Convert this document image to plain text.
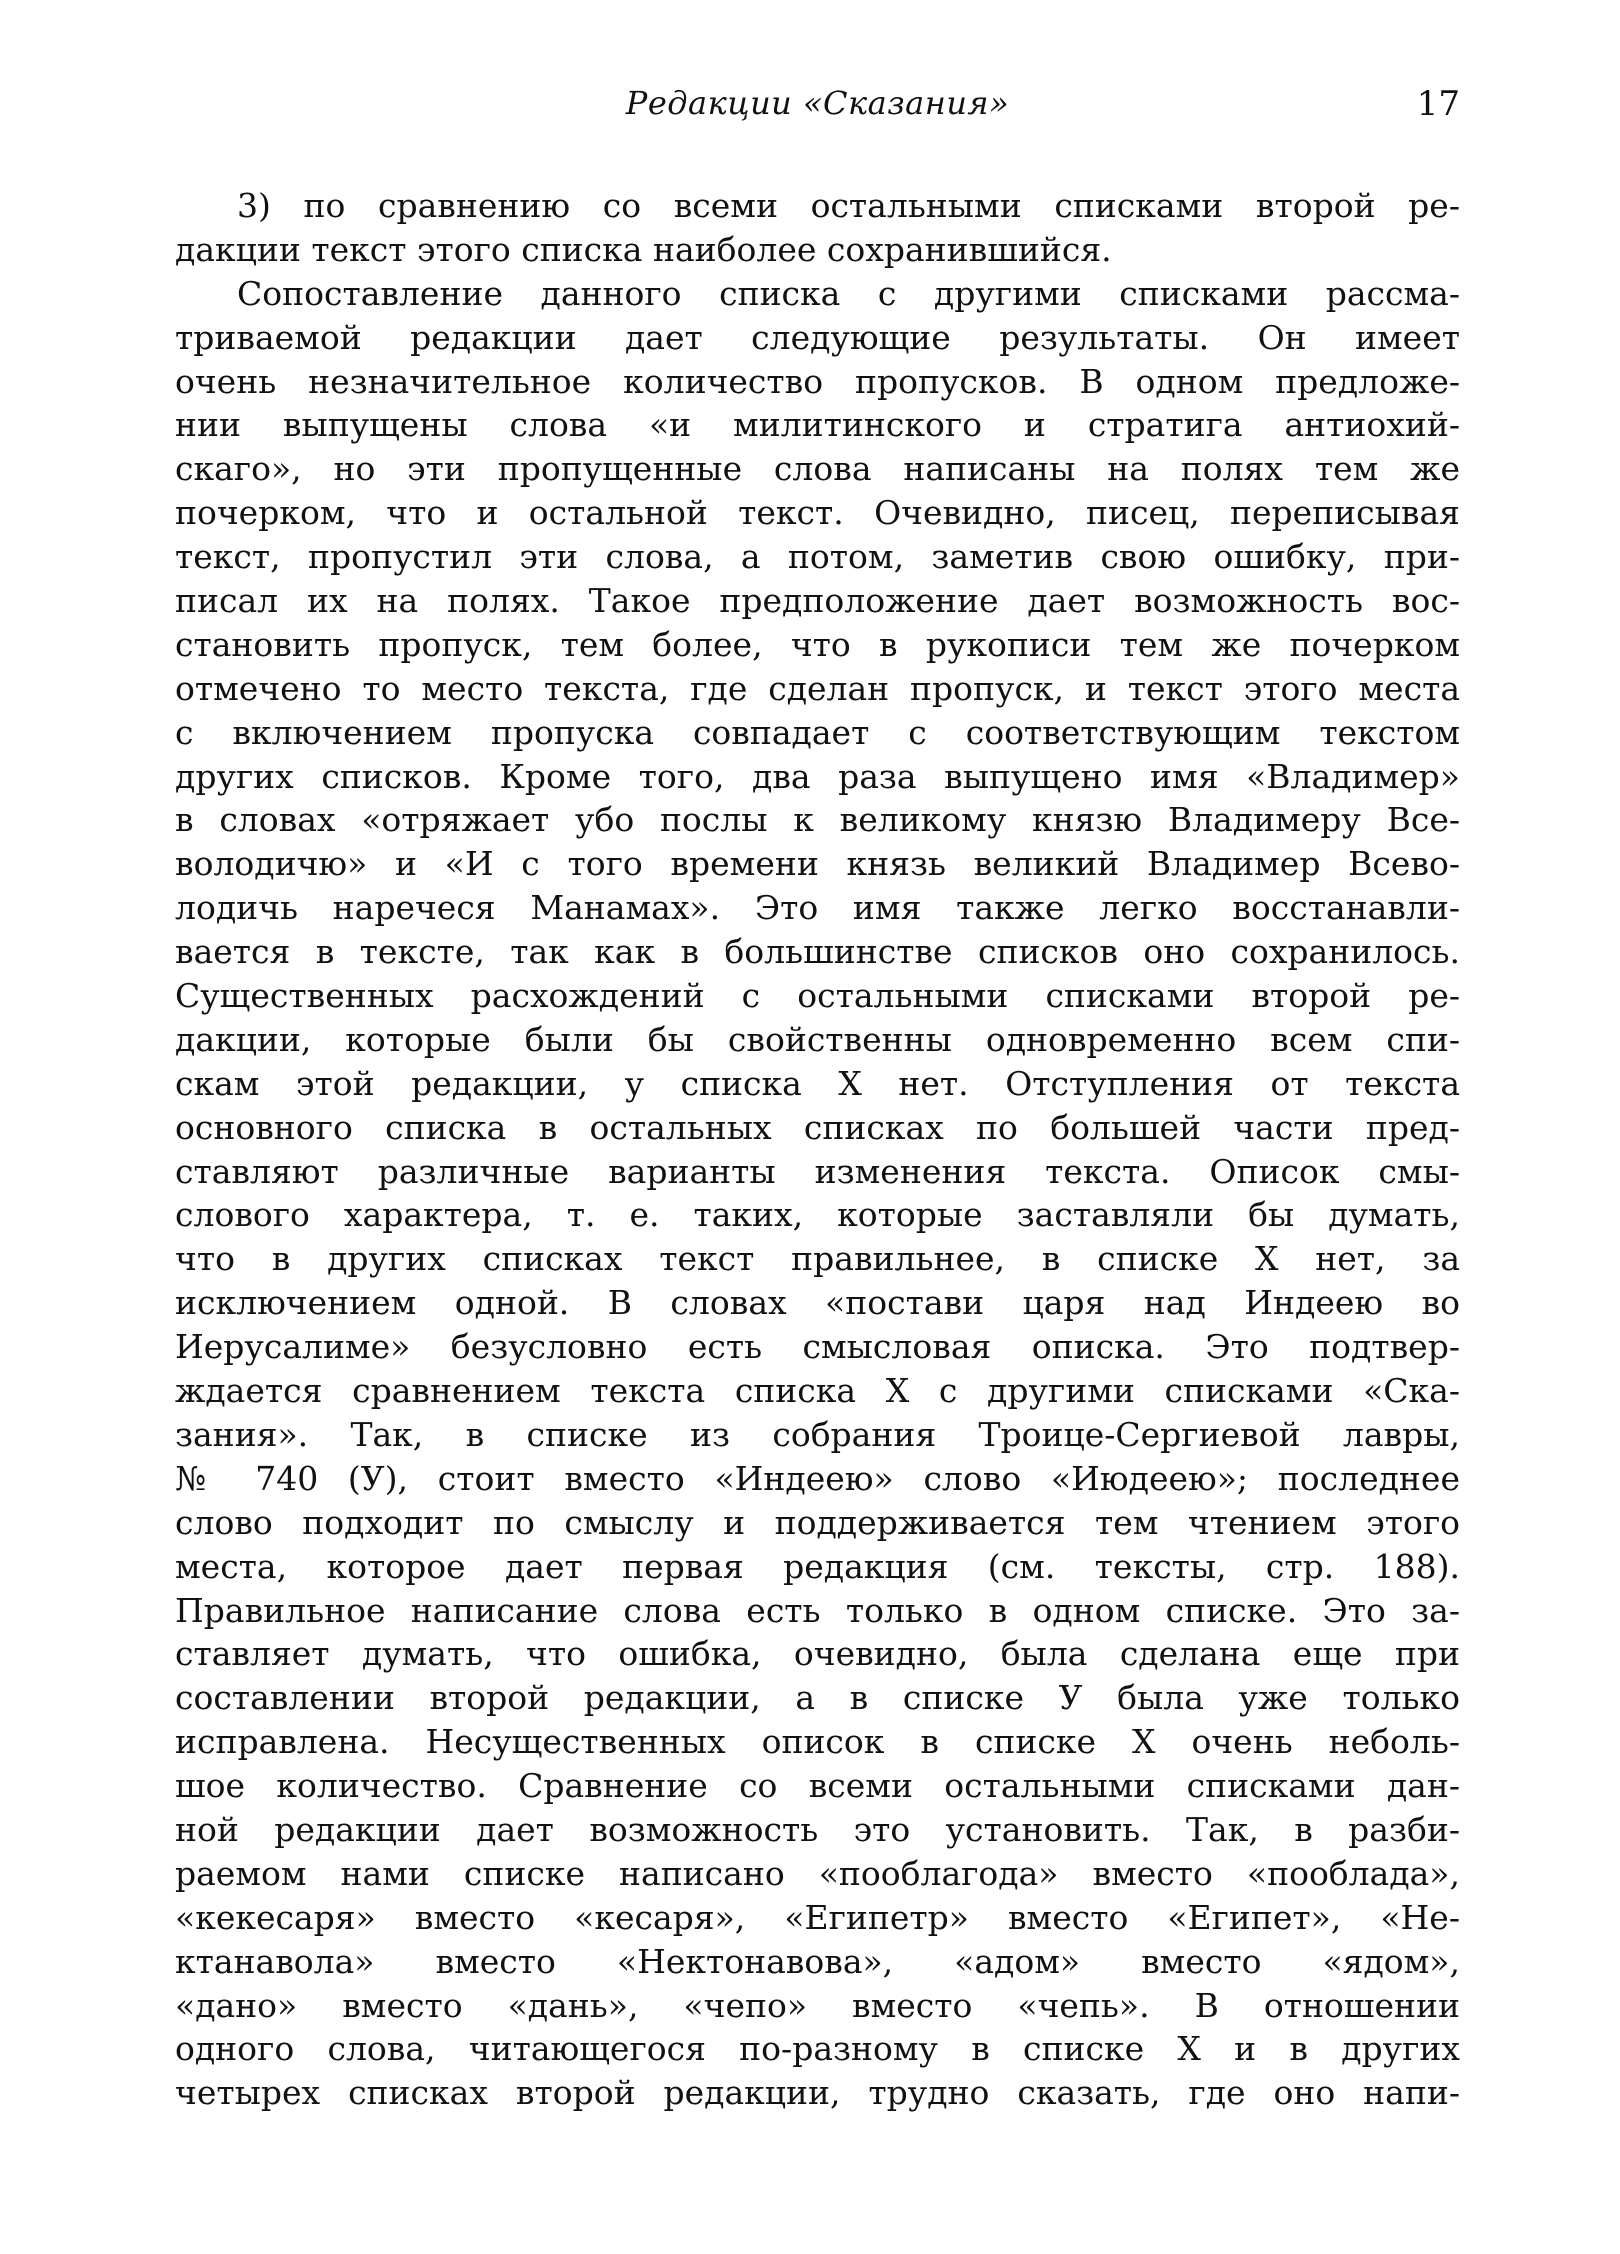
Редакции «Сказания»	17
3) по сравнению со всеми остальными списками второй ре-
дакции текст этого списка наиболее сохранившийся.
Сопоставление данного списка с другими списками рассма-
триваемой редакции дает следующие результаты. Он имеет
очень незначительное количество пропусков. В одном предложе-
нии выпущены слова «и милитинского и стратига антиохий-
скаго», но эти пропущенные слова написаны на полях тем же
почерком, что и остальной текст. Очевидно, писец, переписывая
текст, пропустил эти слова, а потом, заметив свою ошибку, при-
писал их на полях. Такое предположение дает возможность вос-
становить пропуск, тем более, что в рукописи тем же почерком
отмечено то место текста, где сделан пропуск, и текст этого места
с включением пропуска совпадает с соответствующим текстом
других списков. Кроме того, два раза выпущено имя «Владимер»
в словах «отряжает убо послы к великому князю Владимеру Все-
володичю» и «И с того времени князь великий Владимер Всево-
лодичь наречеся Манамах». Это имя также легко восстанавли-
вается в тексте, так как в большинстве списков оно сохранилось.
Существенных расхождений с остальными списками второй ре-
дакции, которые были бы свойственны одновременно всем спи-
скам этой редакции, у списка X нет. Отступления от текста
основного списка в остальных списках по большей части пред-
ставляют различные варианты изменения текста. Описок смы-
слового характера, т. е. таких, которые заставляли бы думать,
что в других списках текст правильнее, в списке X нет, за
исключением одной. В словах «постави царя над Индеею во
Иерусалиме» безусловно есть смысловая описка. Это подтвер-
ждается сравнением текста списка X с другими списками «Ска-
зания». Так, в списке из собрания Троице-Сергиевой лавры,
№ 740 (У), стоит вместо «Индеею» слово «Июдеею»; последнее
слово подходит по смыслу и поддерживается тем чтением этого
места, которое дает первая редакция (см. тексты, стр. 188).
Правильное написание слова есть только в одном списке. Это за-
ставляет думать, что ошибка, очевидно, была сделана еще при
составлении второй редакции, а в списке У была уже только
исправлена. Несущественных описок в списке X очень неболь-
шое количество. Сравнение со всеми остальными списками дан-
ной редакции дает возможность это установить. Так, в разби-
раемом нами списке написано «пооблагода» вместо «пооблада»,
«кекесаря» вместо «кесаря», «Египетр» вместо «Египет», «Не-
ктанавола» вместо «Нектонавова», «адом» вместо «ядом»,
«дано» вместо «дань», «чепо» вместо «чепь». В отношении
одного слова, читающегося по-разному в списке X и в других
четырех списках второй редакции, трудно сказать, где оно напи-
